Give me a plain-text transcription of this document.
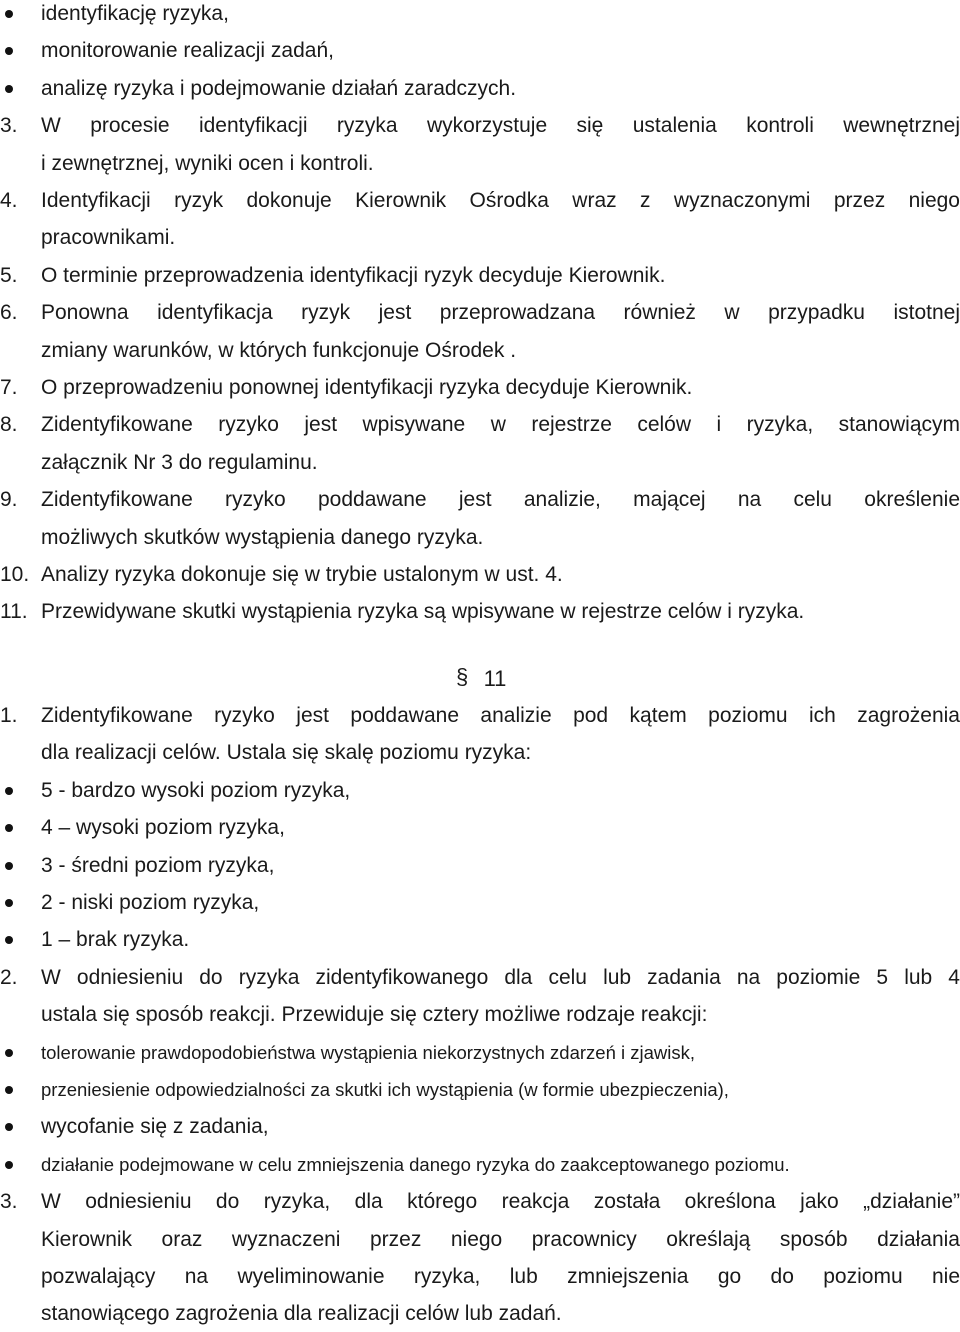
identyfikację ryzyka,
monitorowanie realizacji zadań,
analizę ryzyka i podejmowanie działań zaradczych.
3.	W procesie identyfikacji ryzyka wykorzystuje się ustalenia kontroli wewnętrznej
i zewnętrznej, wyniki ocen i kontroli.
4.	Identyfikacji ryzyk dokonuje Kierownik Ośrodka wraz z wyznaczonymi przez niego
pracownikami.
5.	O terminie przeprowadzenia identyfikacji ryzyk decyduje Kierownik.
6.	Ponowna identyfikacja ryzyk jest przeprowadzana również w przypadku istotnej
zmiany warunków, w których funkcjonuje Ośrodek .
7.	O przeprowadzeniu ponownej identyfikacji ryzyka decyduje Kierownik.
8.	Zidentyfikowane ryzyko jest wpisywane w rejestrze celów i ryzyka, stanowiącym
załącznik Nr 3 do regulaminu.
9.	Zidentyfikowane ryzyko poddawane jest analizie, mającej na celu określenie
możliwych skutków wystąpienia danego ryzyka.
10. Analizy ryzyka dokonuje się w trybie ustalonym w ust. 4.
11. Przewidywane skutki wystąpienia ryzyka są wpisywane w rejestrze celów i ryzyka.
§ 11
1.	Zidentyfikowane ryzyko jest poddawane analizie pod kątem poziomu ich zagrożenia
dla realizacji celów. Ustala się skalę poziomu ryzyka:
5 - bardzo wysoki poziom ryzyka,
4 – wysoki poziom ryzyka,
3 - średni poziom ryzyka,
2 - niski poziom ryzyka,
1 – brak ryzyka.
2.	W odniesieniu do ryzyka zidentyfikowanego dla celu lub zadania na poziomie 5 lub 4
ustala się sposób reakcji. Przewiduje się cztery możliwe rodzaje reakcji:
tolerowanie prawdopodobieństwa wystąpienia niekorzystnych zdarzeń i zjawisk,
przeniesienie odpowiedzialności za skutki ich wystąpienia (w formie ubezpieczenia),
wycofanie się z zadania,
działanie podejmowane w celu zmniejszenia danego ryzyka do zaakceptowanego poziomu.
3.	W odniesieniu do ryzyka, dla którego reakcja została określona jako „działanie”
Kierownik oraz wyznaczeni przez niego pracownicy określają sposób działania
pozwalający na wyeliminowanie ryzyka, lub zmniejszenia go do poziomu nie
stanowiącego zagrożenia dla realizacji celów lub zadań.
